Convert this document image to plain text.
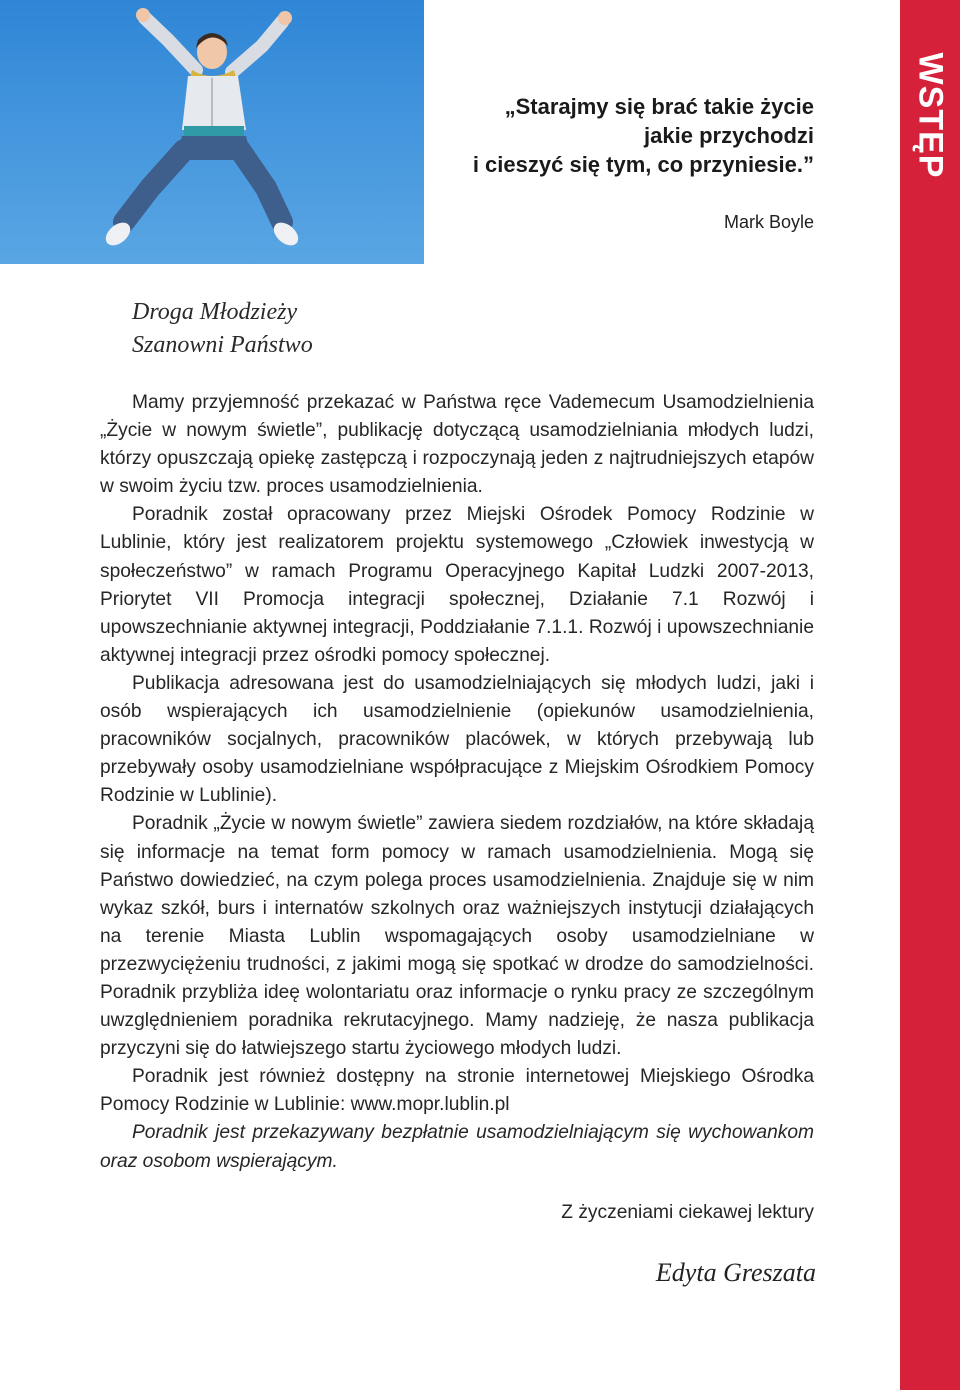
„Starajmy się brać takie życie
jakie przychodzi
i cieszyć się tym, co przyniesie.”
Mark Boyle
Droga Młodzieży
Szanowni Państwo

Mamy przyjemność przekazać w Państwa ręce Vademecum Usamodzielnienia „Życie w nowym świetle”, publikację dotyczącą usamodzielniania młodych ludzi, którzy opuszczają opiekę zastępczą i rozpoczynają jeden z najtrudniejszych etapów w swoim życiu tzw. proces usamodzielnienia.

Poradnik został opracowany przez Miejski Ośrodek Pomocy Rodzinie w Lublinie, który jest realizatorem projektu systemowego „Człowiek inwestycją w społeczeństwo” w ramach Programu Operacyjnego Kapitał Ludzki 2007-2013, Priorytet VII Promocja integracji społecznej, Działanie 7.1 Rozwój i upowszechnianie aktywnej integracji, Poddziałanie 7.1.1. Rozwój i upowszechnianie aktywnej integracji przez ośrodki pomocy społecznej.

Publikacja adresowana jest do usamodzielniających się młodych ludzi, jaki i osób wspierających ich usamodzielnienie (opiekunów usamodzielnienia, pracowników socjalnych, pracowników placówek, w których przebywają lub przebywały osoby usamodzielniane współpracujące z Miejskim Ośrodkiem Pomocy Rodzinie w Lublinie).

Poradnik „Życie w nowym świetle” zawiera siedem rozdziałów, na które składają się informacje na temat form pomocy w ramach usamodzielnienia. Mogą się Państwo dowiedzieć, na czym polega proces usamodzielnienia. Znajduje się w nim wykaz szkół, burs i internatów szkolnych oraz ważniejszych instytucji działających na terenie Miasta Lublin wspomagających osoby usamodzielniane w przezwyciężeniu trudności, z jakimi mogą się spotkać w drodze do samodzielności. Poradnik przybliża ideę wolontariatu oraz informacje o rynku pracy ze szczególnym uwzględnieniem poradnika rekrutacyjnego. Mamy nadzieję, że nasza publikacja przyczyni się do łatwiejszego startu życiowego młodych ludzi.

Poradnik jest również dostępny na stronie internetowej Miejskiego Ośrodka Pomocy Rodzinie w Lublinie: www.mopr.lublin.pl

Poradnik jest przekazywany bezpłatnie usamodzielniającym się wychowankom oraz osobom wspierającym.

Z życzeniami ciekawej lektury
Edyta Greszata
WSTĘP
